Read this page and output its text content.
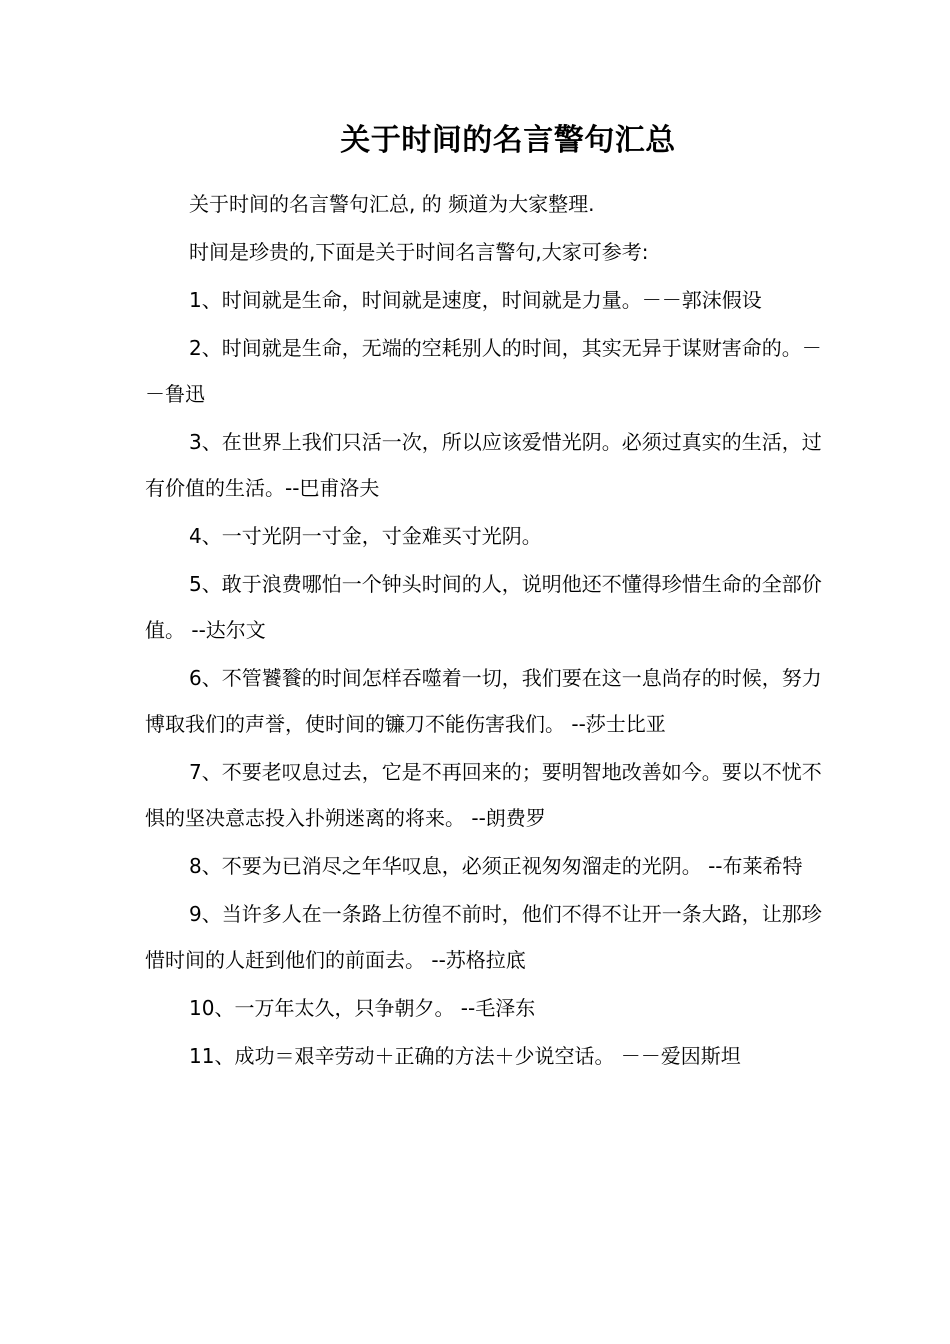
关于时间的名言警句汇总

关于时间的名言警句汇总, 的 频道为大家整理.

时间是珍贵的,下面是关于时间名言警句,大家可参考:

1、时间就是生命，时间就是速度，时间就是力量。－－郭沫假设

2、时间就是生命，无端的空耗别人的时间，其实无异于谋财害命的。－－鲁迅

3、在世界上我们只活一次，所以应该爱惜光阴。必须过真实的生活，过有价值的生活。--巴甫洛夫

4、一寸光阴一寸金，寸金难买寸光阴。

5、敢于浪费哪怕一个钟头时间的人，说明他还不懂得珍惜生命的全部价值。 --达尔文

6、不管饕餮的时间怎样吞噬着一切，我们要在这一息尚存的时候，努力博取我们的声誉，使时间的镰刀不能伤害我们。 --莎士比亚

7、不要老叹息过去，它是不再回来的；要明智地改善如今。要以不忧不惧的坚决意志投入扑朔迷离的将来。 --朗费罗

8、不要为已消尽之年华叹息，必须正视匆匆溜走的光阴。 --布莱希特

9、当许多人在一条路上彷徨不前时，他们不得不让开一条大路，让那珍惜时间的人赶到他们的前面去。 --苏格拉底

10、一万年太久，只争朝夕。 --毛泽东

11、成功＝艰辛劳动＋正确的方法＋少说空话。 －－爱因斯坦
